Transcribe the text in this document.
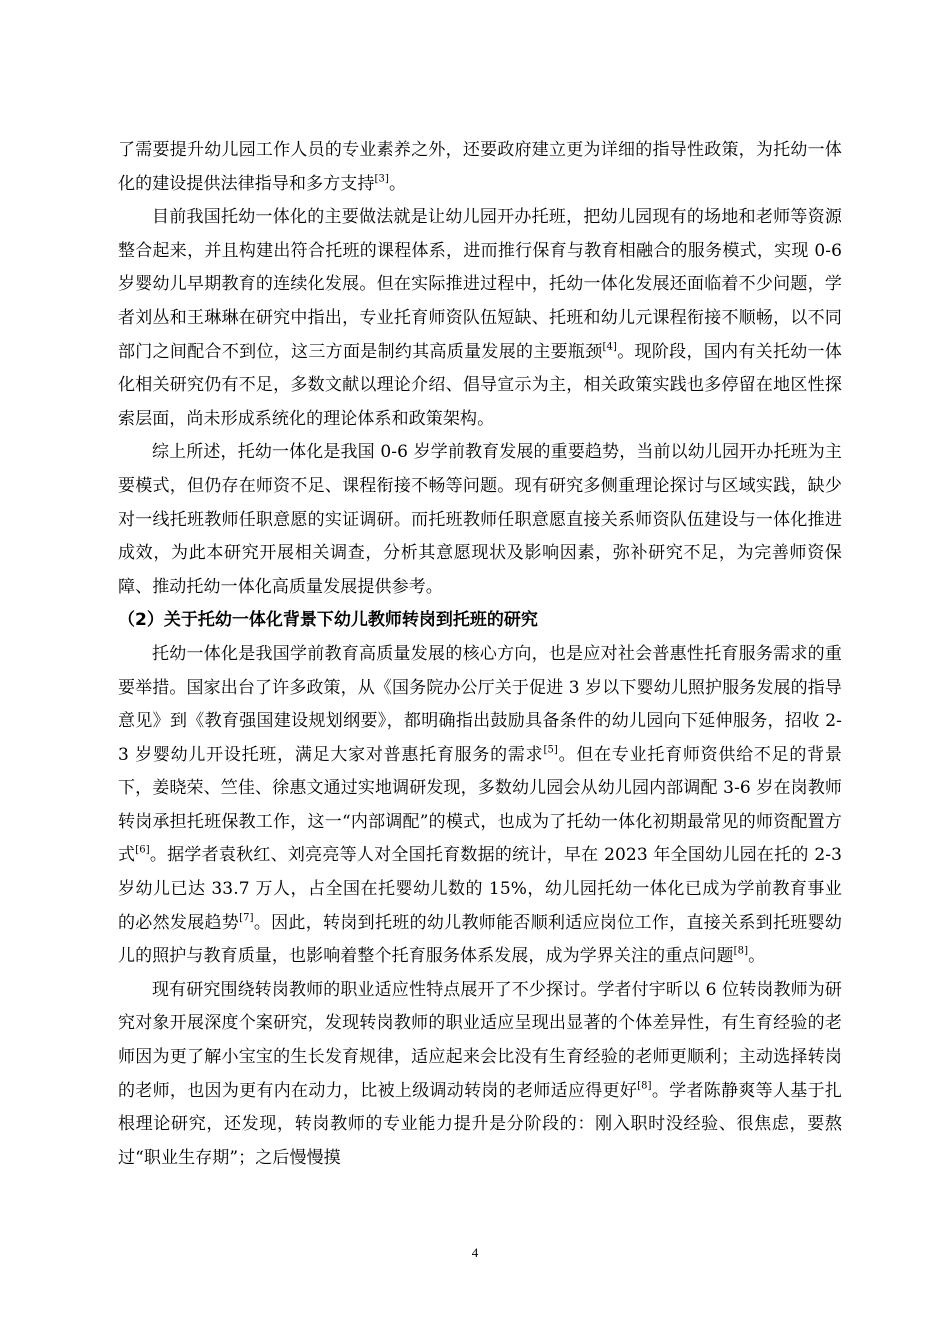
了需要提升幼儿园工作人员的专业素养之外，还要政府建立更为详细的指导性政策，为托幼一体化的建设提供法律指导和多方支持[3]。

目前我国托幼一体化的主要做法就是让幼儿园开办托班，把幼儿园现有的场地和老师等资源整合起来，并且构建出符合托班的课程体系，进而推行保育与教育相融合的服务模式，实现 0-6 岁婴幼儿早期教育的连续化发展。但在实际推进过程中，托幼一体化发展还面临着不少问题，学者刘丛和王琳琳在研究中指出，专业托育师资队伍短缺、托班和幼儿元课程衔接不顺畅，以不同部门之间配合不到位，这三方面是制约其高质量发展的主要瓶颈[4]。现阶段，国内有关托幼一体化相关研究仍有不足，多数文献以理论介绍、倡导宣示为主，相关政策实践也多停留在地区性探索层面，尚未形成系统化的理论体系和政策架构。

综上所述，托幼一体化是我国 0-6 岁学前教育发展的重要趋势，当前以幼儿园开办托班为主要模式，但仍存在师资不足、课程衔接不畅等问题。现有研究多侧重理论探讨与区域实践，缺少对一线托班教师任职意愿的实证调研。而托班教师任职意愿直接关系师资队伍建设与一体化推进成效，为此本研究开展相关调查，分析其意愿现状及影响因素，弥补研究不足，为完善师资保障、推动托幼一体化高质量发展提供参考。

（2）关于托幼一体化背景下幼儿教师转岗到托班的研究

托幼一体化是我国学前教育高质量发展的核心方向，也是应对社会普惠性托育服务需求的重要举措。国家出台了许多政策，从《国务院办公厅关于促进 3 岁以下婴幼儿照护服务发展的指导意见》到《教育强国建设规划纲要》，都明确指出鼓励具备条件的幼儿园向下延伸服务，招收 2-3 岁婴幼儿开设托班，满足大家对普惠托育服务的需求[5]。但在专业托育师资供给不足的背景下，姜晓荣、竺佳、徐惠文通过实地调研发现，多数幼儿园会从幼儿园内部调配 3-6 岁在岗教师转岗承担托班保教工作，这一“内部调配”的模式，也成为了托幼一体化初期最常见的师资配置方式[6]。据学者袁秋红、刘亮亮等人对全国托育数据的统计，早在 2023 年全国幼儿园在托的 2-3 岁幼儿已达 33.7 万人，占全国在托婴幼儿数的 15%，幼儿园托幼一体化已成为学前教育事业的必然发展趋势[7]。因此，转岗到托班的幼儿教师能否顺利适应岗位工作，直接关系到托班婴幼儿的照护与教育质量，也影响着整个托育服务体系发展，成为学界关注的重点问题[8]。

现有研究围绕转岗教师的职业适应性特点展开了不少探讨。学者付宇昕以 6 位转岗教师为研究对象开展深度个案研究，发现转岗教师的职业适应呈现出显著的个体差异性，有生育经验的老师因为更了解小宝宝的生长发育规律，适应起来会比没有生育经验的老师更顺利；主动选择转岗的老师，也因为更有内在动力，比被上级调动转岗的老师适应得更好[8]。学者陈静爽等人基于扎根理论研究，还发现，转岗教师的专业能力提升是分阶段的：刚入职时没经验、很焦虑，要熬过“职业生存期”；之后慢慢摸

4
